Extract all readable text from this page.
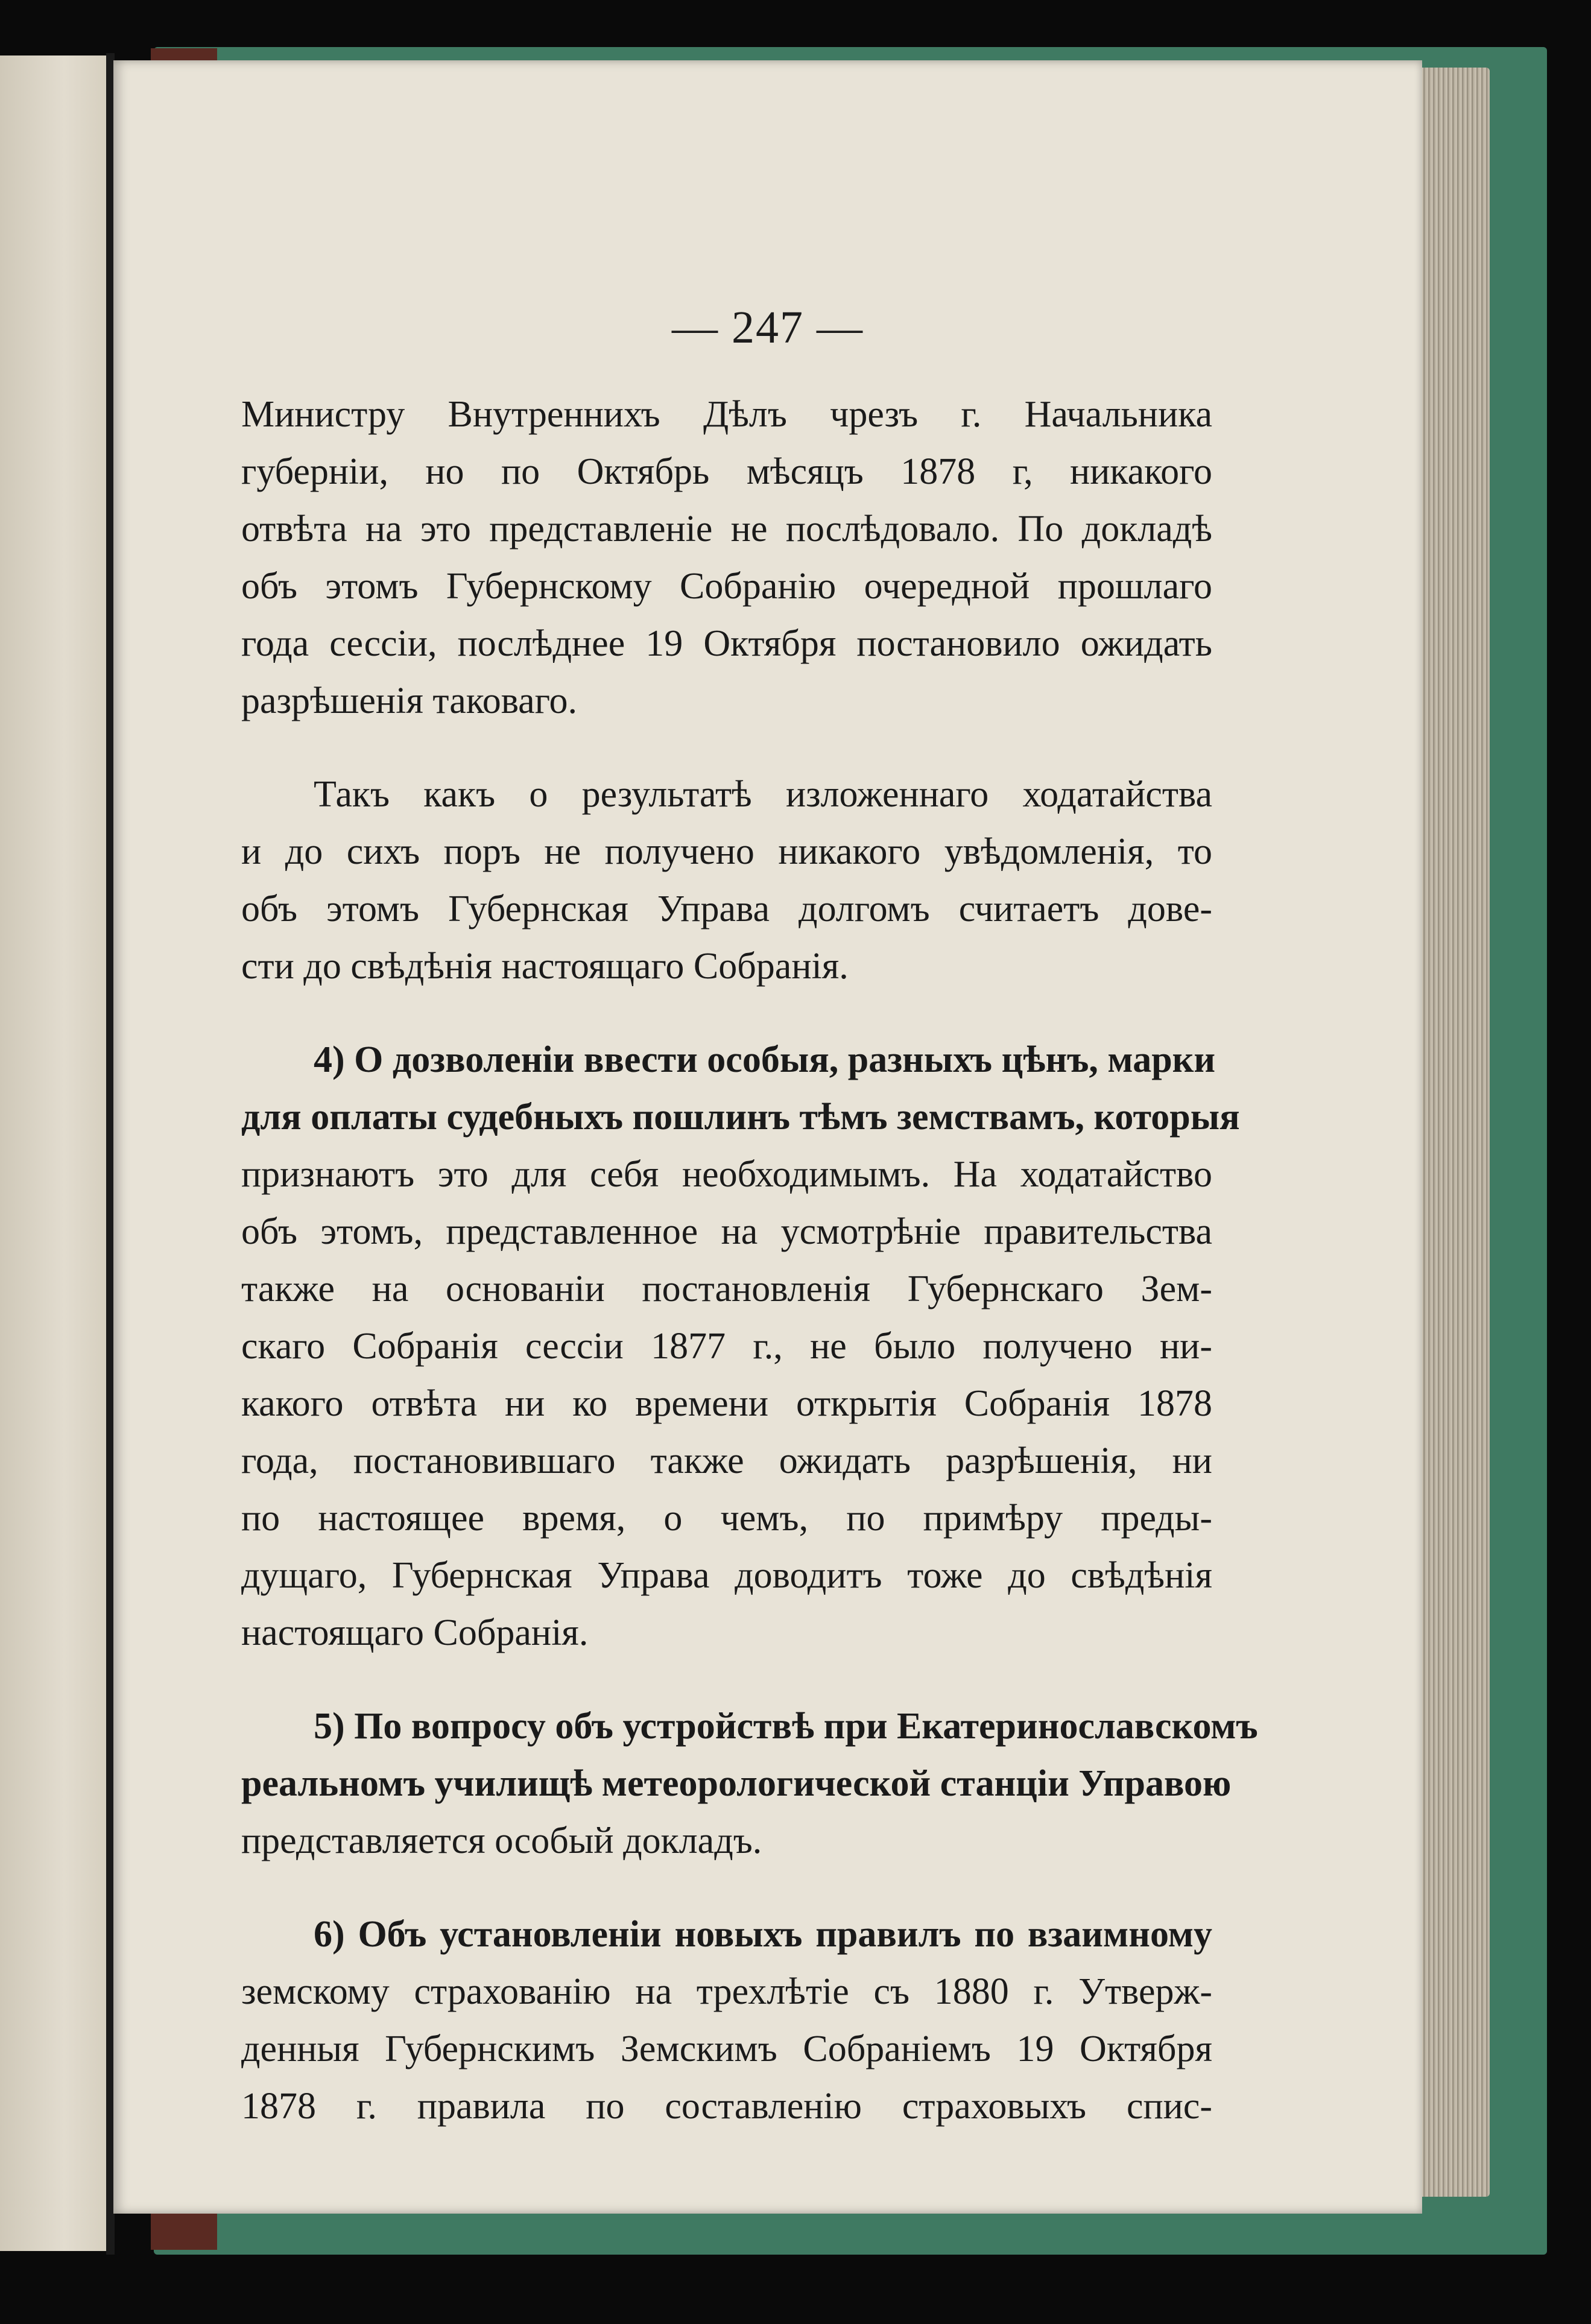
— 247 —

Министру Внутреннихъ Дѣлъ чрезъ г. Начальника
губерніи, но по Октябрь мѣсяцъ 1878 г, никакого
отвѣта на это представленіе не послѣдовало. По докладѣ
объ этомъ Губернскому Собранію очередной прошлаго
года сессіи, послѣднее 19 Октября постановило ожидать
разрѣшенія таковаго.

Такъ какъ о результатѣ изложеннаго ходатайства
и до сихъ поръ не получено никакого увѣдомленія, то
объ этомъ Губернская Управа долгомъ считаетъ дове-
сти до свѣдѣнія настоящаго Собранія.

4) О дозволеніи ввести особыя, разныхъ цѣнъ, марки
для оплаты судебныхъ пошлинъ тѣмъ земствамъ, которыя
признаютъ это для себя необходимымъ. На ходатайство
объ этомъ, представленное на усмотрѣніе правительства
также на основаніи постановленія Губернскаго Зем-
скаго Собранія сессіи 1877 г., не было получено ни-
какого отвѣта ни ко времени открытія Собранія 1878
года, постановившаго также ожидать разрѣшенія, ни
по настоящее время, о чемъ, по примѣру преды-
дущаго, Губернская Управа доводитъ тоже до свѣдѣнія
настоящаго Собранія.

5) По вопросу объ устройствѣ при Екатеринославскомъ
реальномъ училищѣ метеорологической станціи Управою
представляется особый докладъ.

6) Объ установленіи новыхъ правилъ по взаимному
земскому страхованію на трехлѣтіе съ 1880 г. Утверж-
денныя Губернскимъ Земскимъ Собраніемъ 19 Октября
1878 г. правила по составленію страховыхъ спис-
